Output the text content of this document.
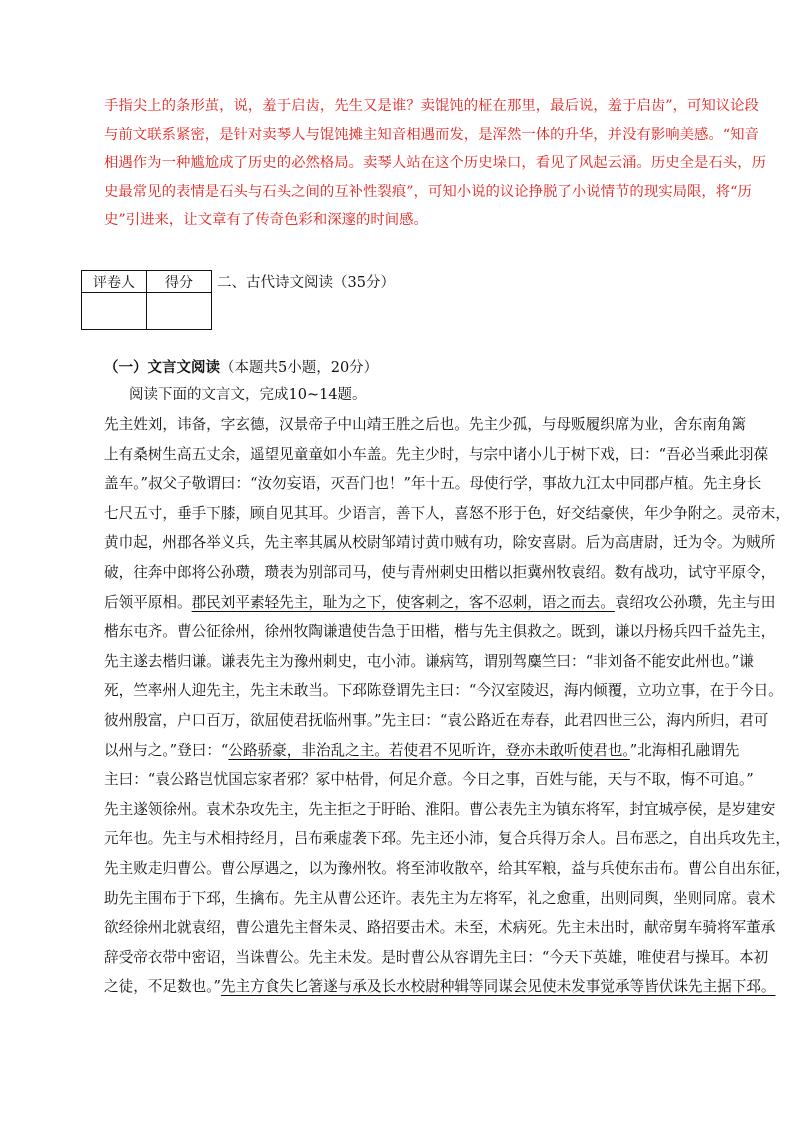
手指尖上的条形茧，说，羞于启齿，先生又是谁？卖馄饨的柾在那里，最后说，羞于启齿”，可知议论段

与前文联系紧密，是针对卖琴人与馄饨摊主知音相遇而发，是浑然一体的升华，并没有影响美感。“知音

相遇作为一种尴尬成了历史的必然格局。卖琴人站在这个历史垛口，看见了风起云涌。历史全是石头，历

史最常见的表情是石头与石头之间的互补性裂痕”，可知小说的议论挣脱了小说情节的现实局限，将“历

史”引进来，让文章有了传奇色彩和深邃的时间感。

评卷人	得分
	二、古代诗文阅读（35分）
（一）文言文阅读（本题共5小题，20分）
阅读下面的文言文，完成10~14题。

先主姓刘，讳备，字玄德，汉景帝子中山靖王胜之后也。先主少孤，与母贩履织席为业，舍东南角篱

上有桑树生高五丈余，遥望见童童如小车盖。先主少时，与宗中诸小儿于树下戏，曰：“吾必当乘此羽葆

盖车。”叔父子敬谓曰：“汝勿妄语，灭吾门也！”年十五。母使行学，事故九江太中同郡卢植。先主身长

七尺五寸，垂手下膝，顾自见其耳。少语言，善下人，喜怒不形于色，好交结豪侠，年少争附之。灵帝末，

黄巾起，州郡各举义兵，先主率其属从校尉邹靖讨黄巾贼有功，除安喜尉。后为高唐尉，迁为令。为贼所

破，往奔中郎将公孙瓒，瓒表为别部司马，使与青州刺史田楷以拒冀州牧袁绍。数有战功，试守平原令，

后领平原相。郡民刘平素轻先主，耻为之下，使客刺之，客不忍刺，语之而去。袁绍攻公孙瓒，先主与田

楷东屯齐。曹公征徐州，徐州牧陶谦遣使告急于田楷，楷与先主俱救之。既到，谦以丹杨兵四千益先主，

先主遂去楷归谦。谦表先主为豫州刺史，屯小沛。谦病笃，谓别驾麋竺曰：“非刘备不能安此州也。”谦

死，竺率州人迎先主，先主未敢当。下邳陈登谓先主曰：“今汉室陵迟，海内倾覆，立功立事，在于今日。

彼州殷富，户口百万，欲屈使君抚临州事。”先主曰：“袁公路近在寿春，此君四世三公，海内所归，君可

以州与之。”登曰：“公路骄豪，非治乱之主。若使君不见听许，登亦未敢听使君也。”北海相孔融谓先

主曰：“袁公路岂忧国忘家者邪？冢中枯骨，何足介意。今日之事，百姓与能，天与不取，悔不可追。”

先主遂领徐州。袁术杂攻先主，先主拒之于盱眙、淮阳。曹公表先主为镇东将军，封宜城亭侯，是岁建安

元年也。先主与术相持经月，吕布乘虚袭下邳。先主还小沛，复合兵得万余人。吕布恶之，自出兵攻先主，

先主败走归曹公。曹公厚遇之，以为豫州牧。将至沛收散卒，给其军粮，益与兵使东击布。曹公自出东征，

助先主围布于下邳，生擒布。先主从曹公还许。表先主为左将军，礼之愈重，出则同舆，坐则同席。袁术

欲经徐州北就袁绍，曹公遣先主督朱灵、路招要击术。未至，术病死。先主未出时，献帝舅车骑将军董承

辞受帝衣带中密诏，当诛曹公。先主未发。是时曹公从容谓先主曰：“今天下英雄，唯使君与操耳。本初

之徒，不足数也。”先主方食失匕箸遂与承及长水校尉种辑等同谋会见使未发事觉承等皆伏诛先主据下邳。
